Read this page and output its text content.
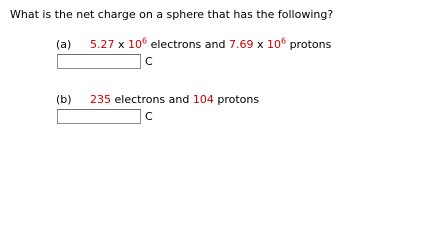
What is the net charge on a sphere that has the following?
(a) 5.27 x $10^6$ electrons and 7.69 x $10^6$ protons
C
(b) 235 electrons and 104 protons
C
